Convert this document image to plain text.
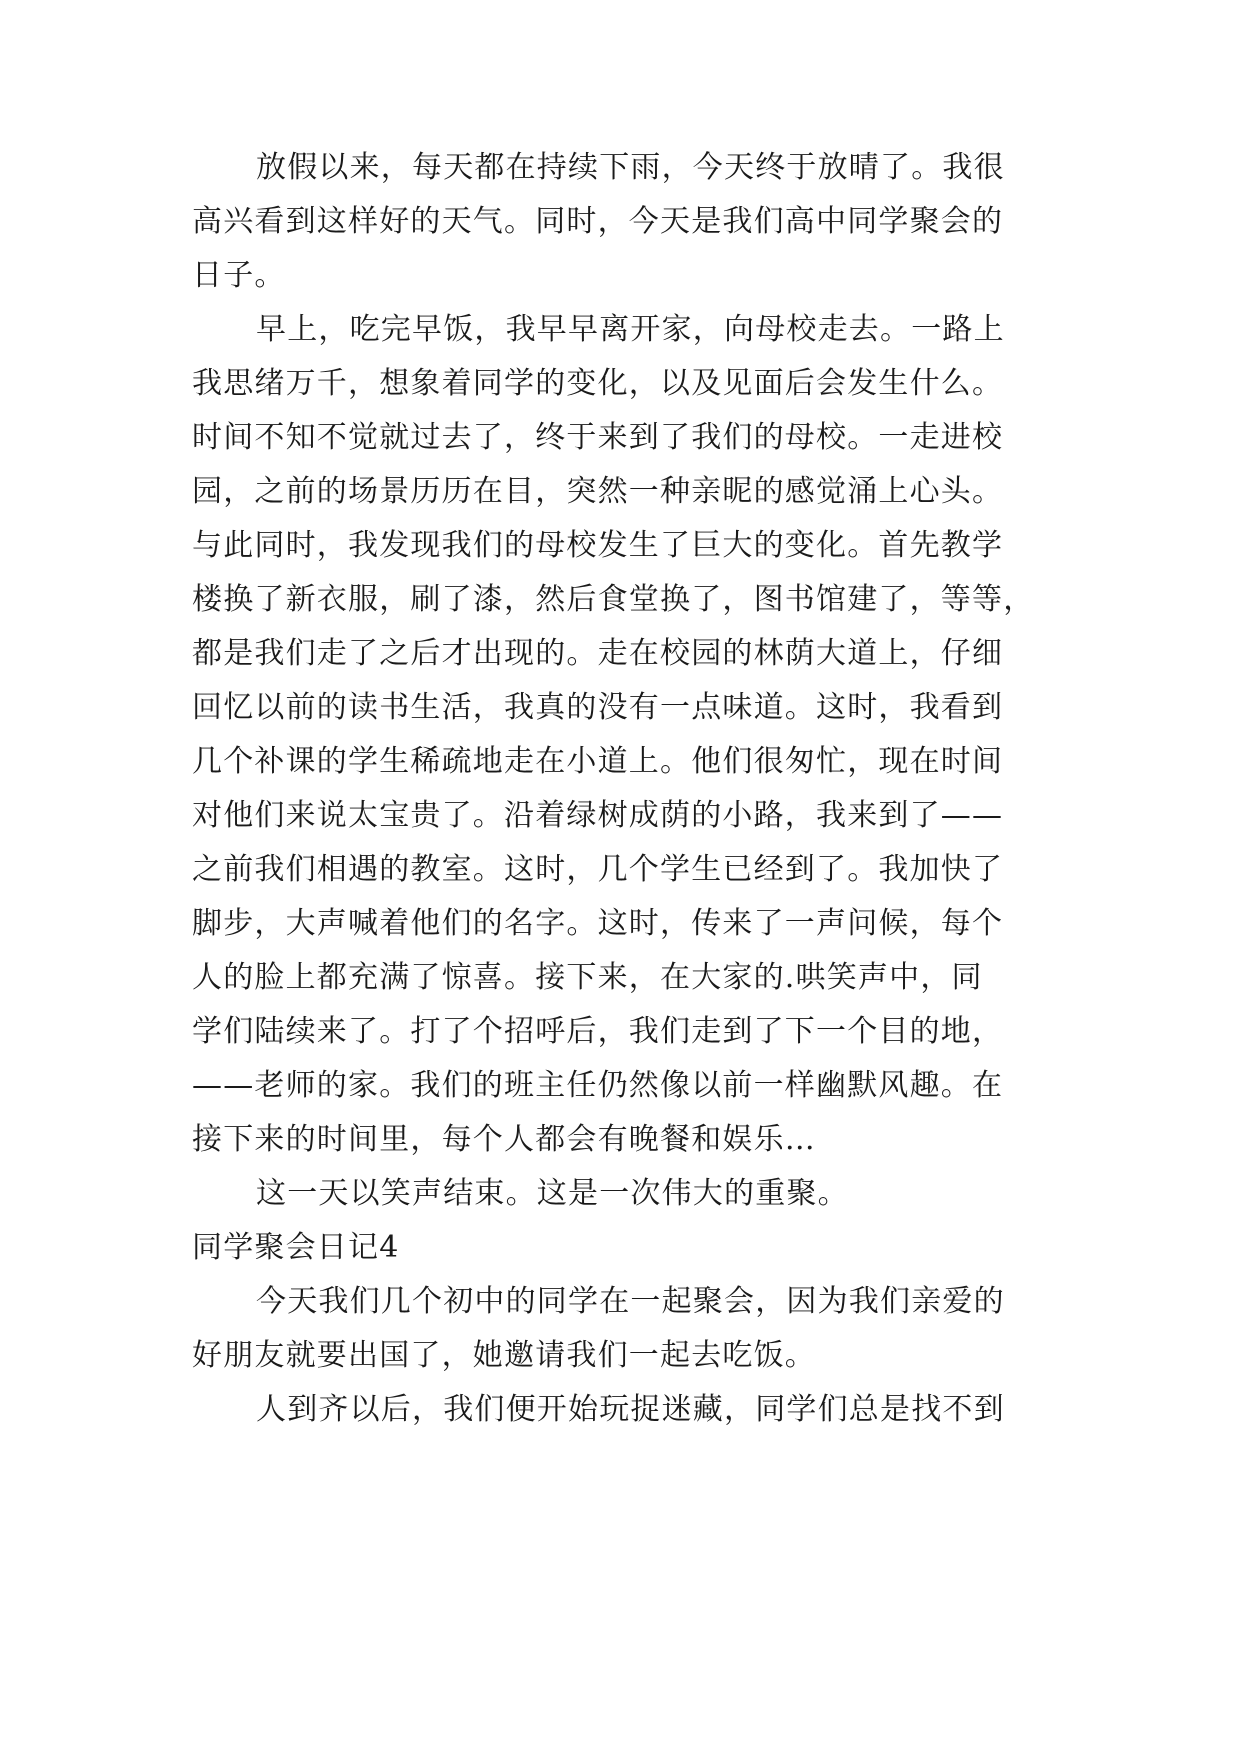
放假以来，每天都在持续下雨，今天终于放晴了。我很
高兴看到这样好的天气。同时，今天是我们高中同学聚会的
日子。
早上，吃完早饭，我早早离开家，向母校走去。一路上
我思绪万千，想象着同学的变化，以及见面后会发生什么。
时间不知不觉就过去了，终于来到了我们的母校。一走进校
园，之前的场景历历在目，突然一种亲昵的感觉涌上心头。
与此同时，我发现我们的母校发生了巨大的变化。首先教学
楼换了新衣服，刷了漆，然后食堂换了，图书馆建了，等等，
都是我们走了之后才出现的。走在校园的林荫大道上，仔细
回忆以前的读书生活，我真的没有一点味道。这时，我看到
几个补课的学生稀疏地走在小道上。他们很匆忙，现在时间
对他们来说太宝贵了。沿着绿树成荫的小路，我来到了——
之前我们相遇的教室。这时，几个学生已经到了。我加快了
脚步，大声喊着他们的名字。这时，传来了一声问候，每个
人的脸上都充满了惊喜。接下来，在大家的.哄笑声中，同
学们陆续来了。打了个招呼后，我们走到了下一个目的地，
——老师的家。我们的班主任仍然像以前一样幽默风趣。在
接下来的时间里，每个人都会有晚餐和娱乐…
这一天以笑声结束。这是一次伟大的重聚。
同学聚会日记4
今天我们几个初中的同学在一起聚会，因为我们亲爱的
好朋友就要出国了，她邀请我们一起去吃饭。
人到齐以后，我们便开始玩捉迷藏，同学们总是找不到
